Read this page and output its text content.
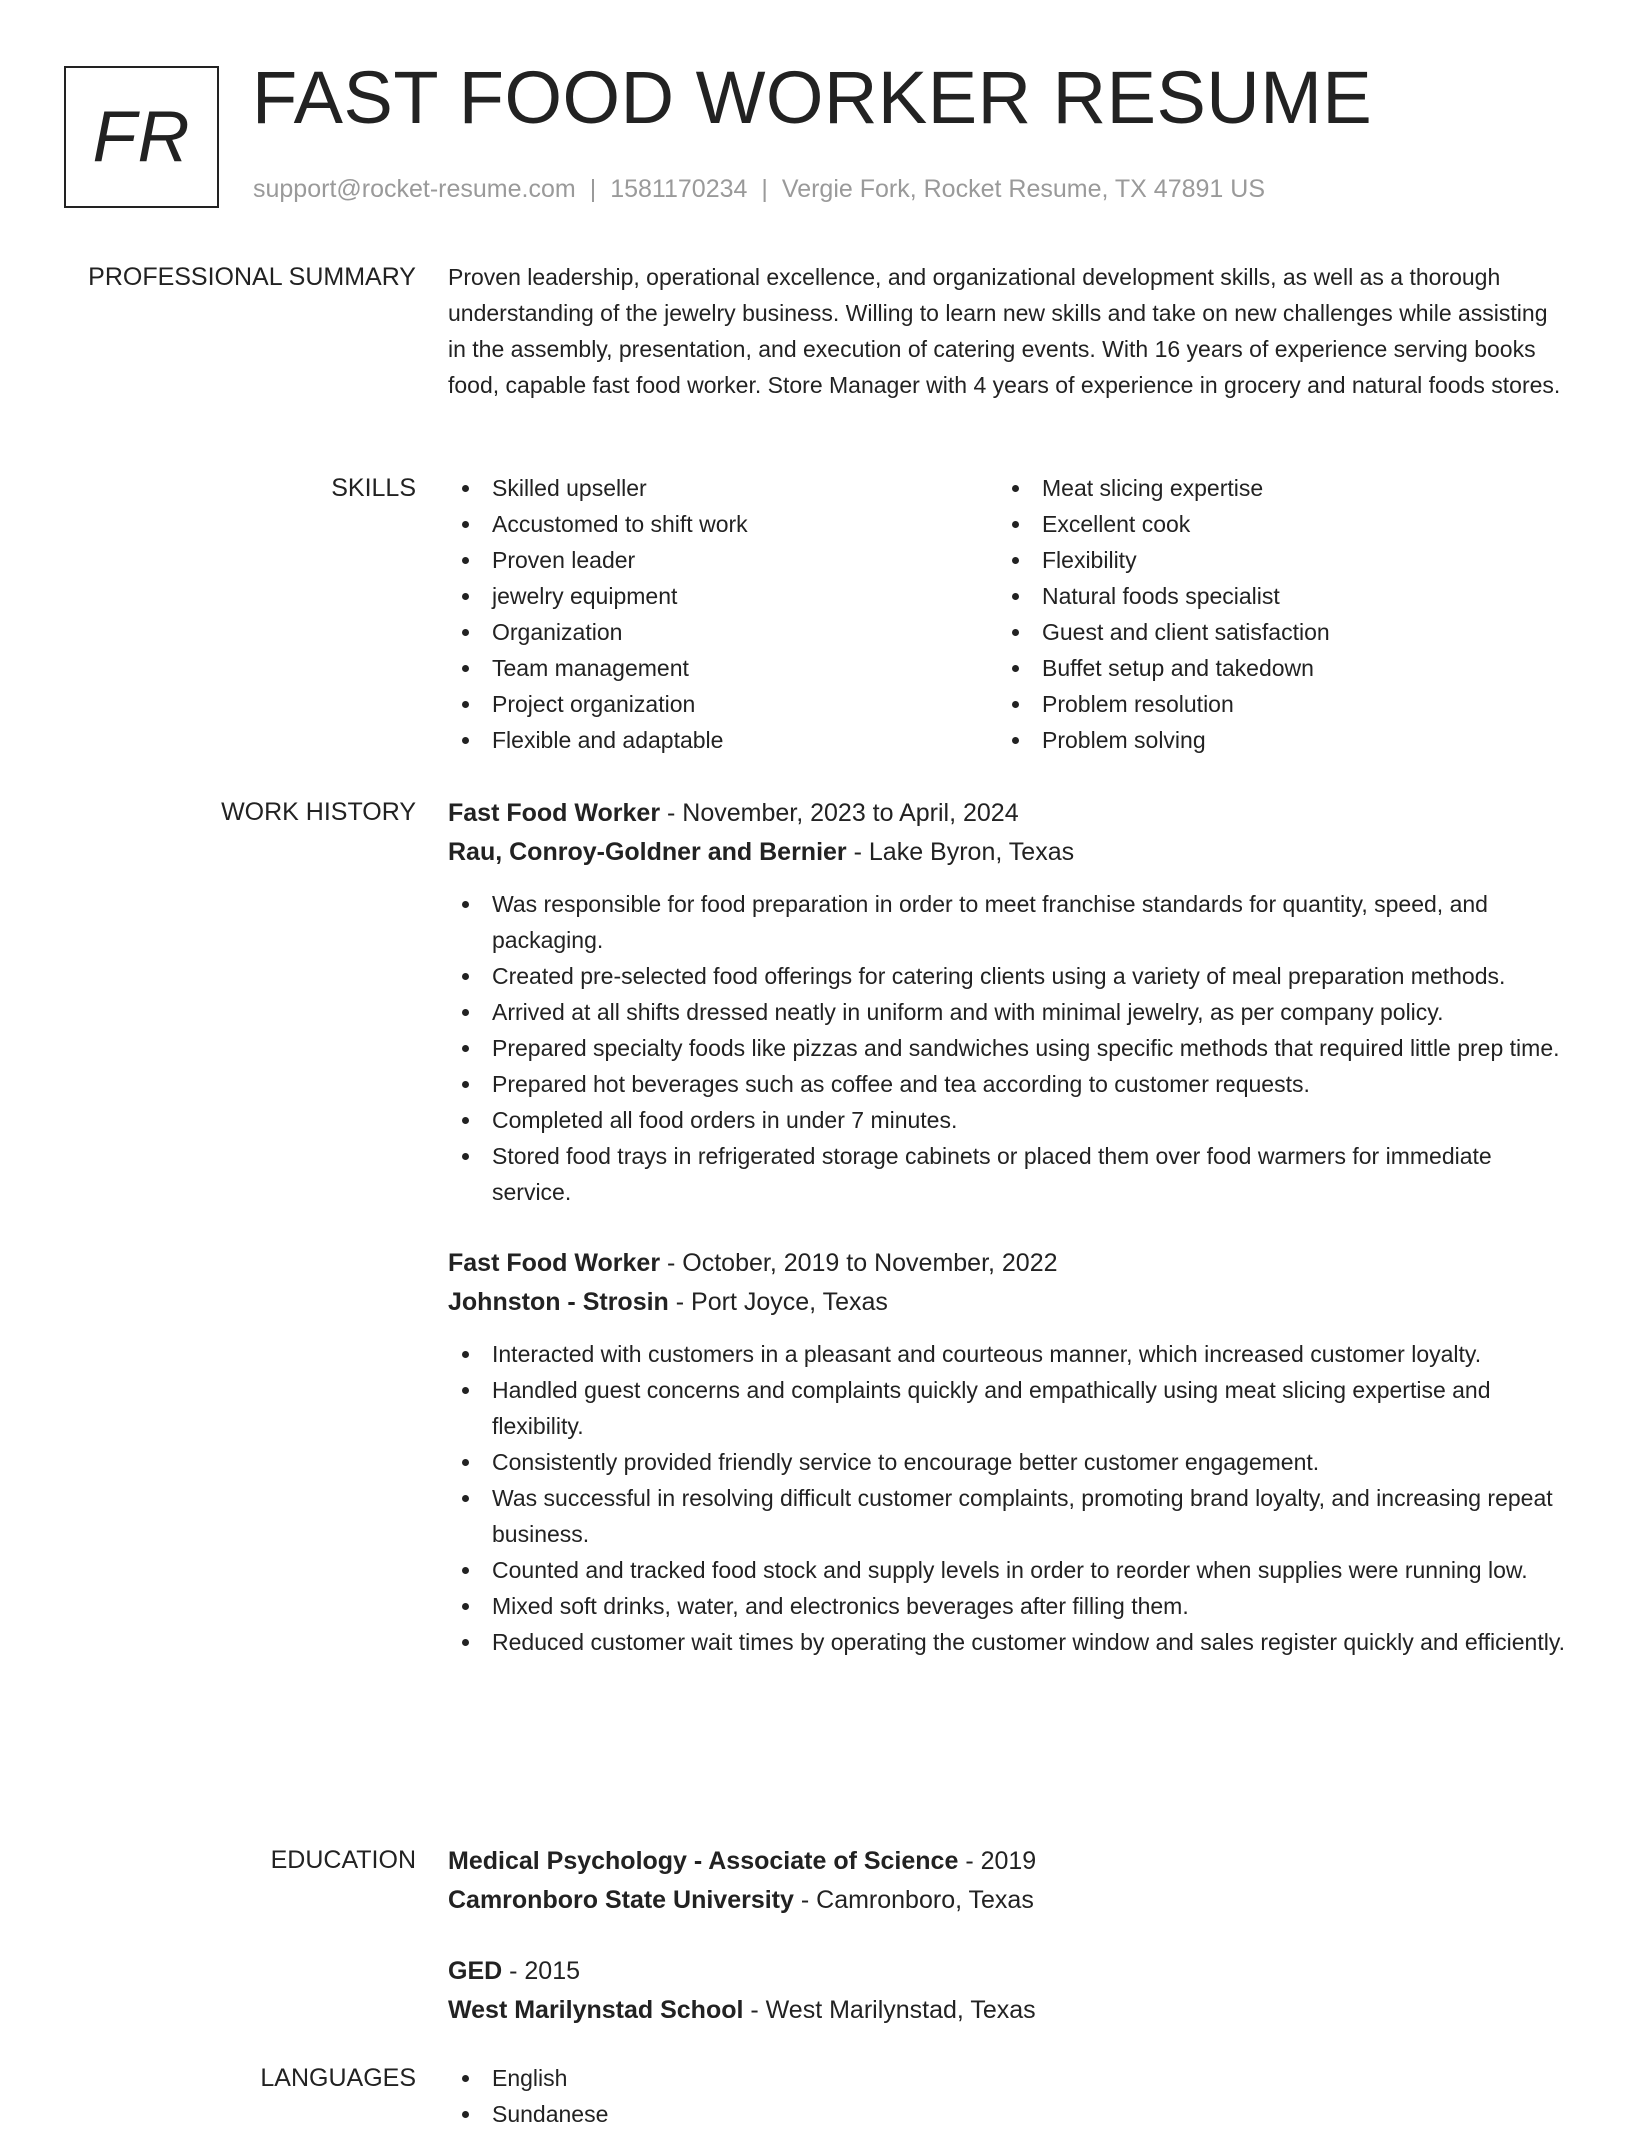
FR FAST FOOD WORKER RESUME
support@rocket-resume.com | 1581170234 | Vergie Fork, Rocket Resume, TX 47891 US
PROFESSIONAL SUMMARY Proven leadership, operational excellence, and organizational development skills, as well as a thorough understanding of the jewelry business. Willing to learn new skills and take on new challenges while assisting in the assembly, presentation, and execution of catering events. With 16 years of experience serving books food, capable fast food worker. Store Manager with 4 years of experience in grocery and natural foods stores.

SKILLS	Skilled upseller
Accustomed to shift work
Proven leader
jewelry equipment
Organization
Team management
Project organization
Flexible and adaptable
Meat slicing expertise
Excellent cook
Flexibility
Natural foods specialist
Guest and client satisfaction
Buffet setup and takedown
Problem resolution
Problem solving
WORK HISTORY Fast Food Worker - November, 2023 to April, 2024
Rau, Conroy-Goldner and Bernier - Lake Byron, Texas
Was responsible for food preparation in order to meet franchise standards for quantity, speed, and packaging.
Created pre-selected food offerings for catering clients using a variety of meal preparation methods.
Arrived at all shifts dressed neatly in uniform and with minimal jewelry, as per company policy.
Prepared specialty foods like pizzas and sandwiches using specific methods that required little prep time.
Prepared hot beverages such as coffee and tea according to customer requests.
Completed all food orders in under 7 minutes.
Stored food trays in refrigerated storage cabinets or placed them over food warmers for immediate service.
Fast Food Worker - October, 2019 to November, 2022
Johnston - Strosin - Port Joyce, Texas
Interacted with customers in a pleasant and courteous manner, which increased customer loyalty.
Handled guest concerns and complaints quickly and empathically using meat slicing expertise and flexibility.
Consistently provided friendly service to encourage better customer engagement.
Was successful in resolving difficult customer complaints, promoting brand loyalty, and increasing repeat business.
Counted and tracked food stock and supply levels in order to reorder when supplies were running low.
Mixed soft drinks, water, and electronics beverages after filling them.
Reduced customer wait times by operating the customer window and sales register quickly and efficiently.
EDUCATION Medical Psychology - Associate of Science - 2019
Camronboro State University - Camronboro, Texas
GED - 2015
West Marilynstad School - West Marilynstad, Texas
LANGUAGES	English
Sundanese
